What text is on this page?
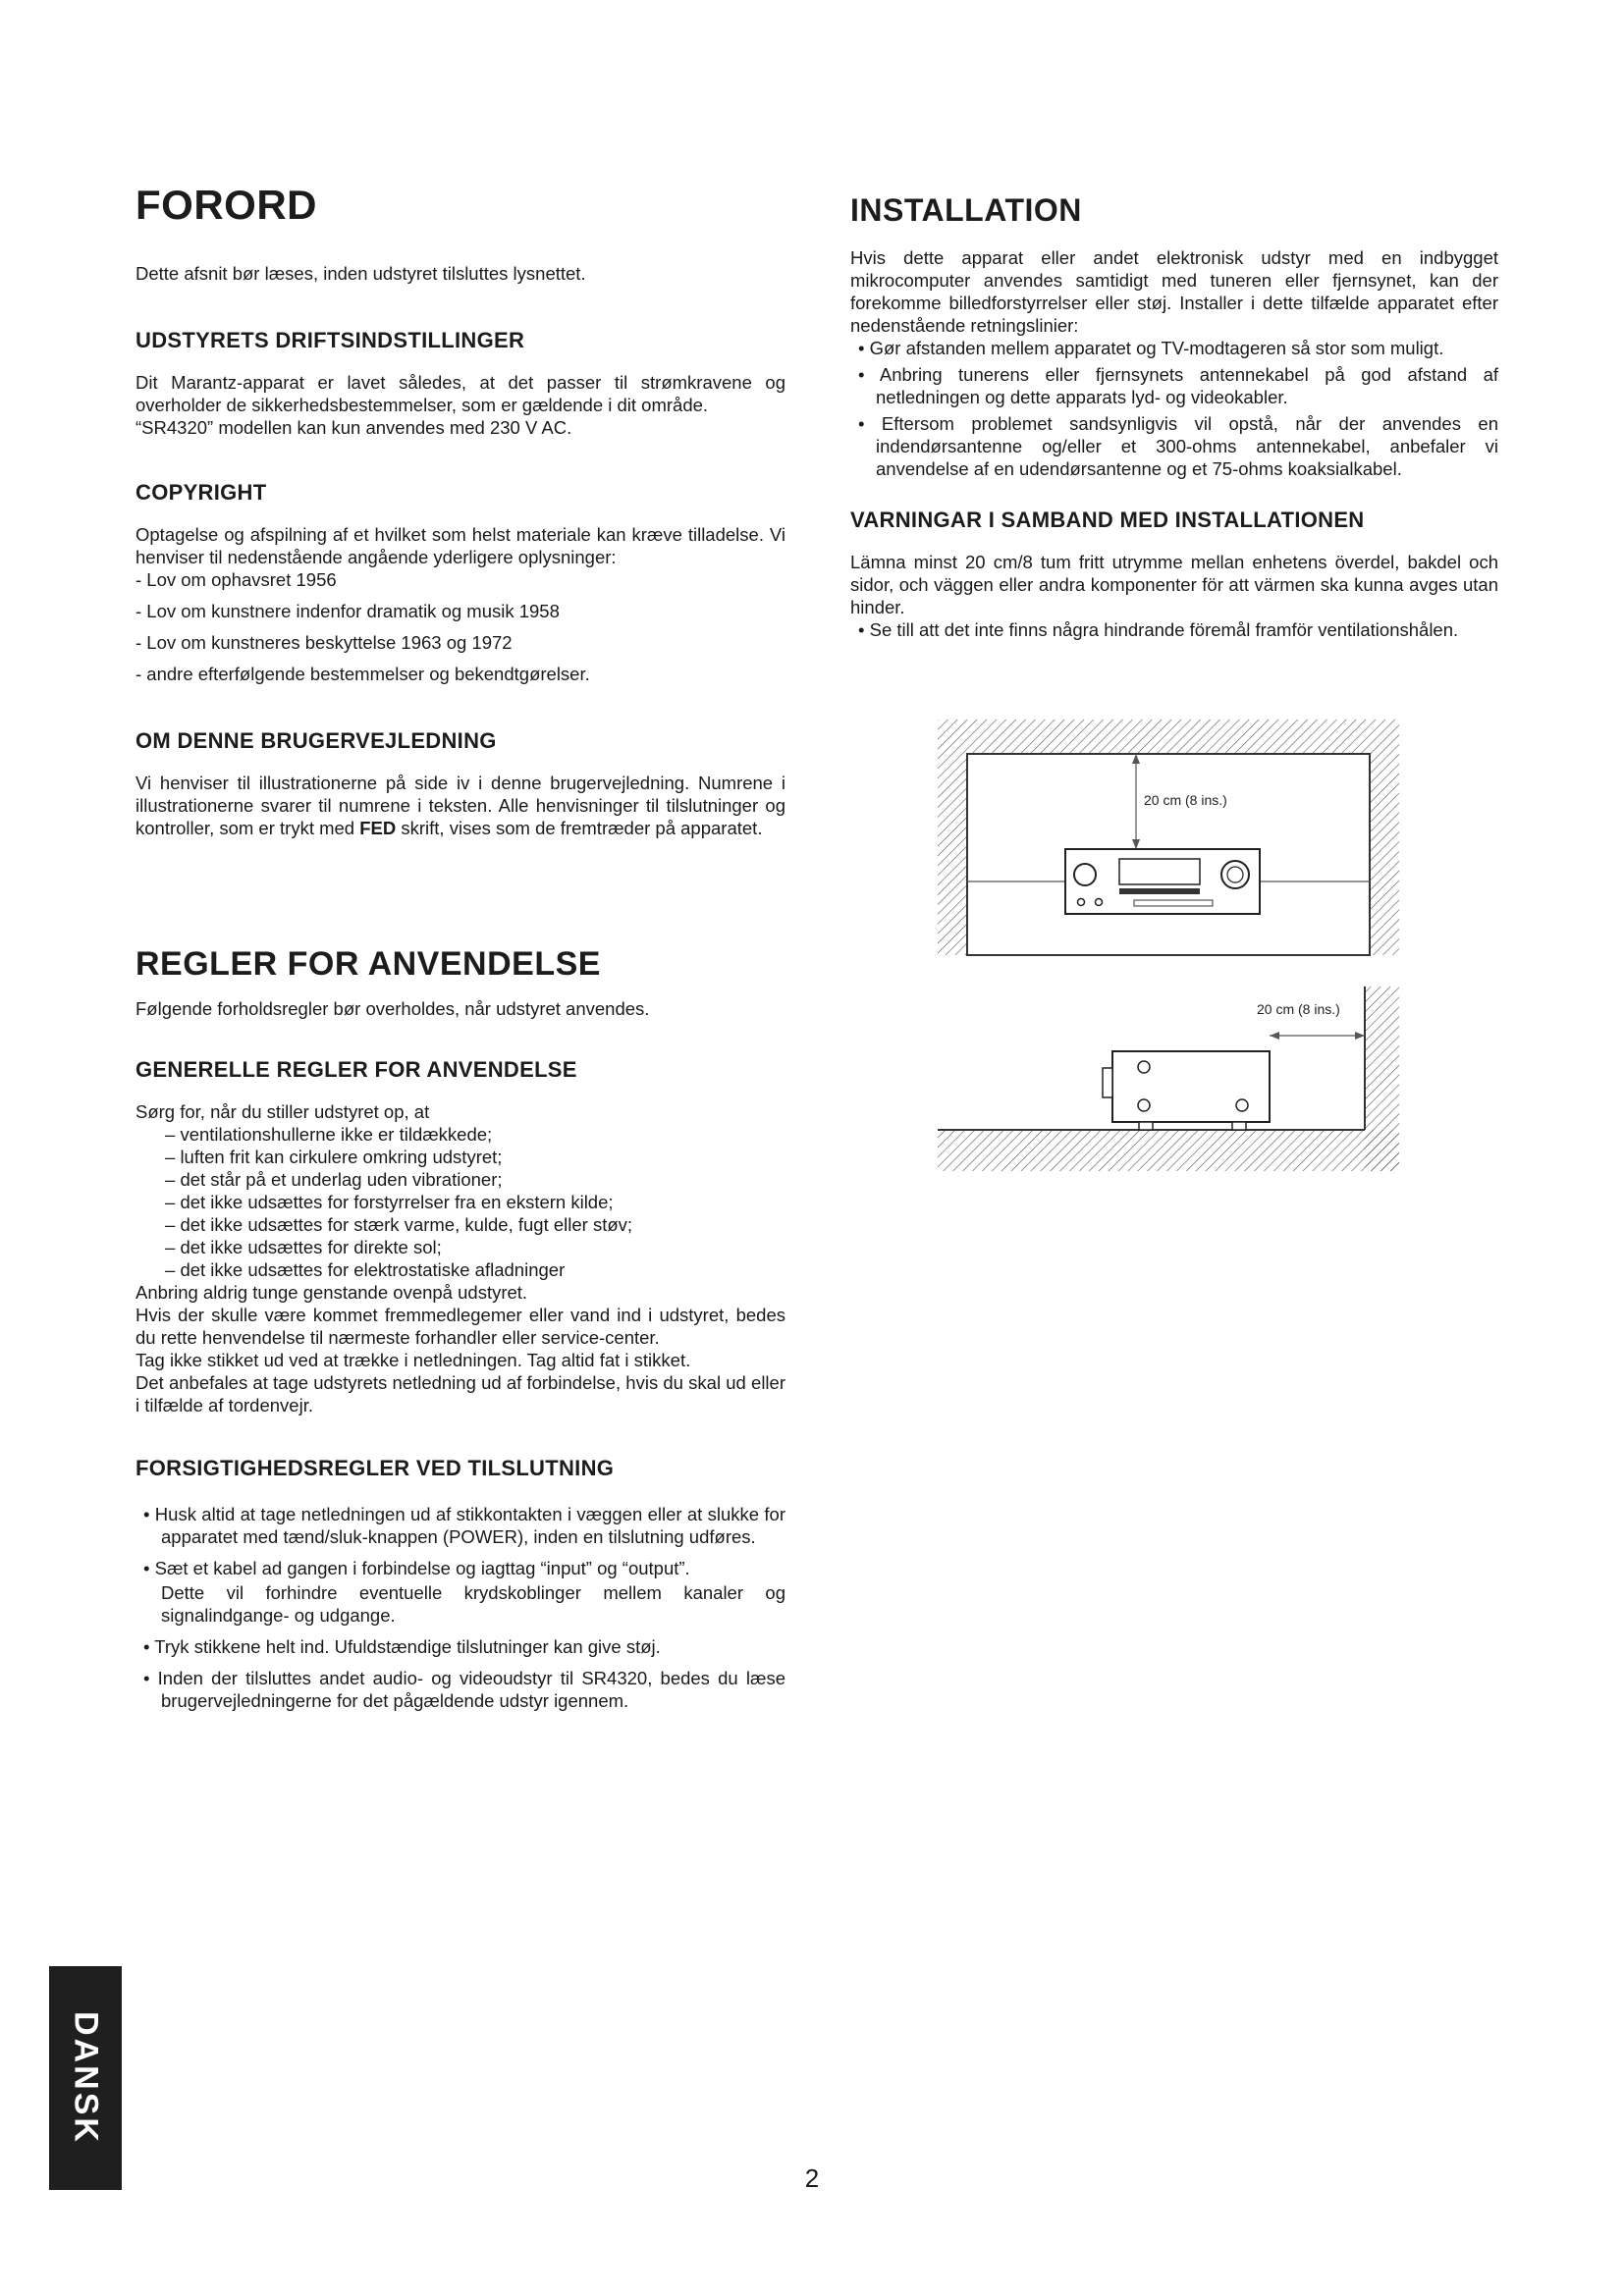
FORORD

Dette afsnit bør læses, inden udstyret tilsluttes lysnettet.

UDSTYRETS DRIFTSINDSTILLINGER

Dit Marantz-apparat er lavet således, at det passer til strømkravene og overholder de sikkerhedsbestemmelser, som er gældende i dit område.

“SR4320” modellen kan kun anvendes med 230 V AC.

COPYRIGHT

Optagelse og afspilning af et hvilket som helst materiale kan kræve tilladelse. Vi henviser til nedenstående angående yderligere oplysninger:

- Lov om ophavsret 1956
- Lov om kunstnere indenfor dramatik og musik 1958
- Lov om kunstneres beskyttelse 1963 og 1972
- andre efterfølgende bestemmelser og bekendtgørelser.
OM DENNE BRUGERVEJLEDNING

Vi henviser til illustrationerne på side iv i denne brugervejledning. Numrene i illustrationerne svarer til numrene i teksten. Alle henvisninger til tilslutninger og kontroller, som er trykt med FED skrift, vises som de fremtræder på apparatet.

REGLER FOR ANVENDELSE

Følgende forholdsregler bør overholdes, når udstyret anvendes.

GENERELLE REGLER FOR ANVENDELSE

Sørg for, når du stiller udstyret op, at

– ventilationshullerne ikke er tildækkede;
– luften frit kan cirkulere omkring udstyret;
– det står på et underlag uden vibrationer;
– det ikke udsættes for forstyrrelser fra en ekstern kilde;
– det ikke udsættes for stærk varme, kulde, fugt eller støv;
– det ikke udsættes for direkte sol;
– det ikke udsættes for elektrostatiske afladninger

Anbring aldrig tunge genstande ovenpå udstyret.

Hvis der skulle være kommet fremmedlegemer eller vand ind i udstyret, bedes du rette henvendelse til nærmeste forhandler eller service-center.

Tag ikke stikket ud ved at trække i netledningen. Tag altid fat i stikket.

Det anbefales at tage udstyrets netledning ud af forbindelse, hvis du skal ud eller i tilfælde af tordenvejr.

FORSIGTIGHEDSREGLER VED TILSLUTNING
• Husk altid at tage netledningen ud af stikkontakten i væggen eller at slukke for apparatet med tænd/sluk-knappen (POWER), inden en tilslutning udføres.
• Sæt et kabel ad gangen i forbindelse og iagttag “input” og “output”.
Dette vil forhindre eventuelle krydskoblinger mellem kanaler og signalindgange- og udgange.
• Tryk stikkene helt ind. Ufuldstændige tilslutninger kan give støj.
• Inden der tilsluttes andet audio- og videoudstyr til SR4320, bedes du læse brugervejledningerne for det pågældende udstyr igennem.
INSTALLATION

Hvis dette apparat eller andet elektronisk udstyr med en indbygget mikrocomputer anvendes samtidigt med tuneren eller fjernsynet, kan der forekomme billedforstyrrelser eller støj. Installer i dette tilfælde apparatet efter nedenstående retningslinier:

• Gør afstanden mellem apparatet og TV-modtageren så stor som muligt.
• Anbring tunerens eller fjernsynets antennekabel på god afstand af netledningen og dette apparats lyd- og videokabler.
• Eftersom problemet sandsynligvis vil opstå, når der anvendes en indendørsantenne og/eller et 300-ohms antennekabel, anbefaler vi anvendelse af en udendørsantenne og et 75-ohms koaksialkabel.
VARNINGAR I SAMBAND MED INSTALLATIONEN

Lämna minst 20 cm/8 tum fritt utrymme mellan enhetens överdel, bakdel och sidor, och väggen eller andra komponenter för att värmen ska kunna avges utan hinder.

• Se till att det inte finns några hindrande föremål framför ventilationshålen.
20 cm (8 ins.)
20 cm (8 ins.)
DANSK
2
